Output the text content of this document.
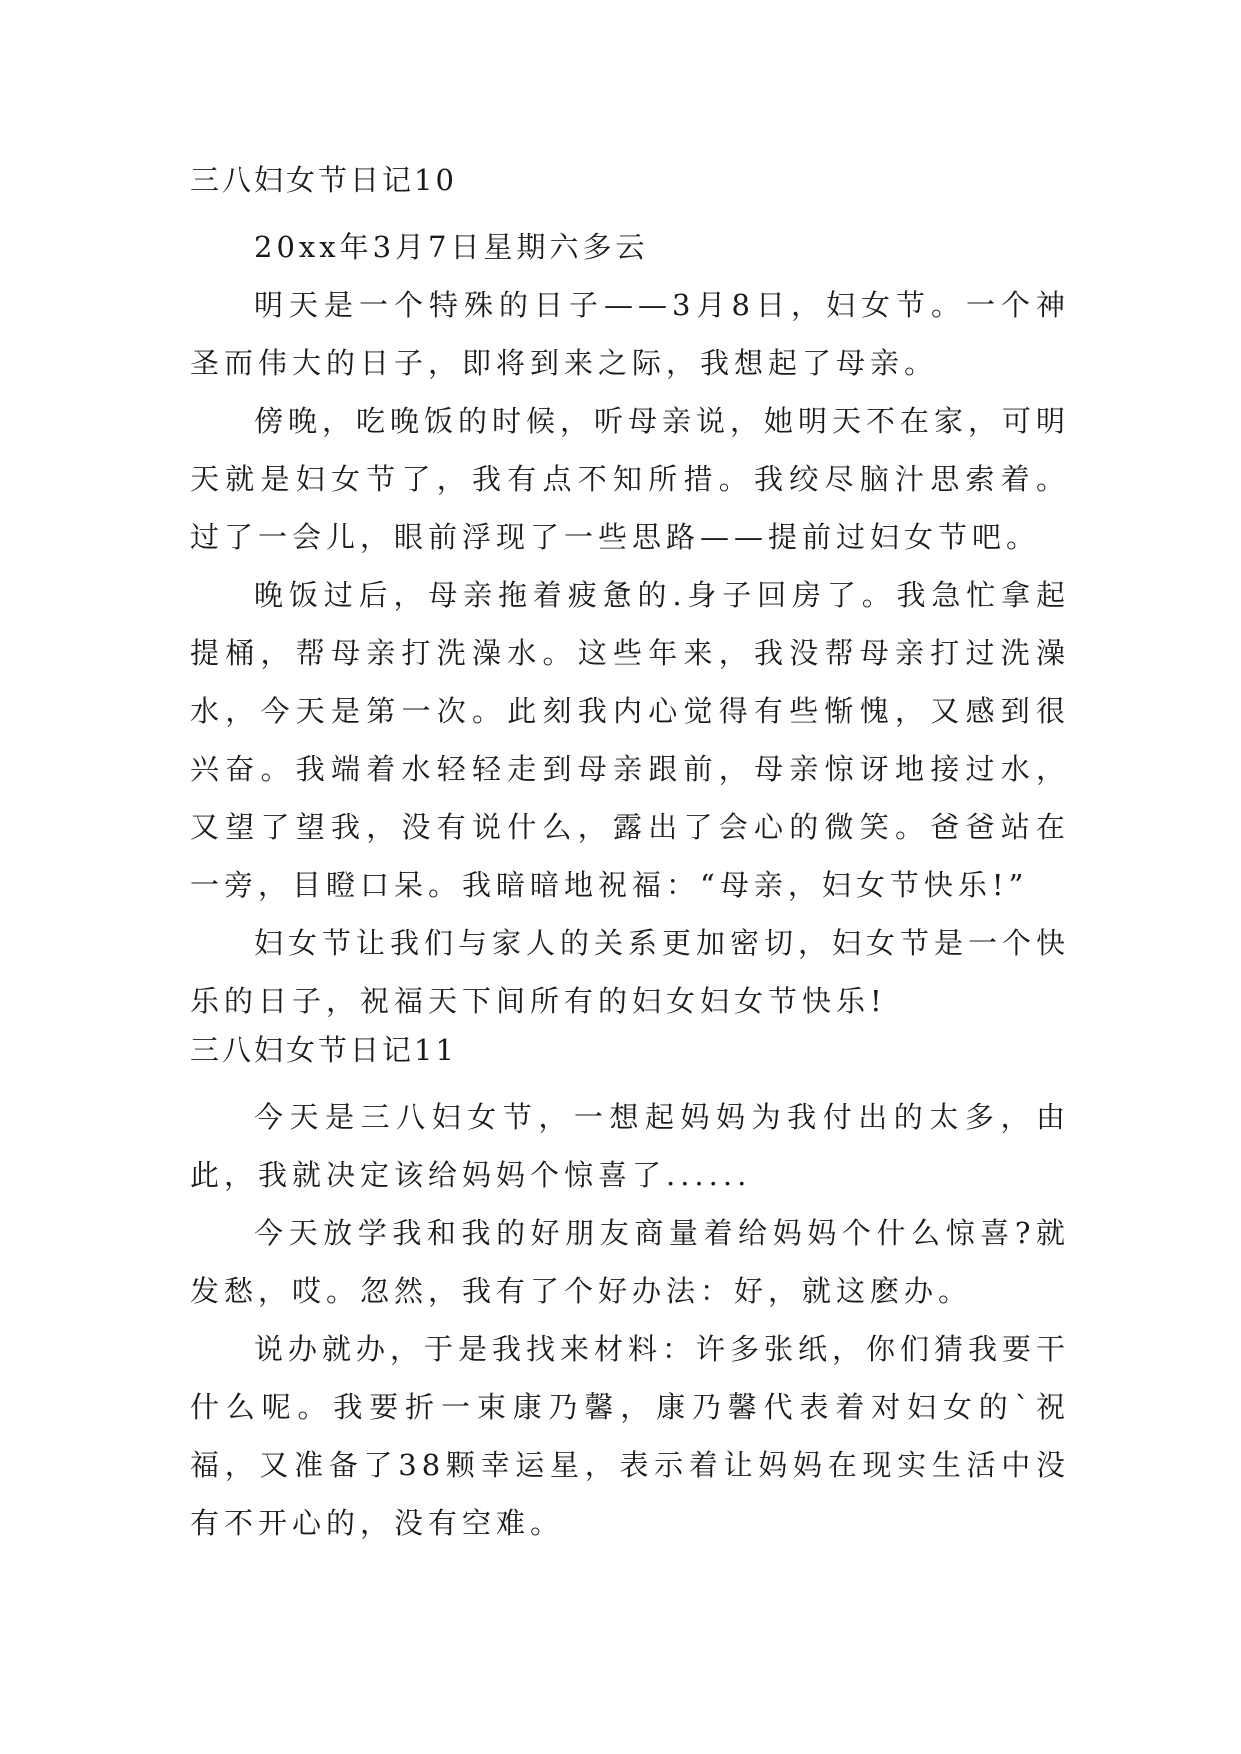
三八妇女节日记10

20xx年3月7日星期六多云

明天是一个特殊的日子——3月8日，妇女节。一个神圣而伟大的日子，即将到来之际，我想起了母亲。

傍晚，吃晚饭的时候，听母亲说，她明天不在家，可明天就是妇女节了，我有点不知所措。我绞尽脑汁思索着。过了一会儿，眼前浮现了一些思路——提前过妇女节吧。

晚饭过后，母亲拖着疲惫的.身子回房了。我急忙拿起提桶，帮母亲打洗澡水。这些年来，我没帮母亲打过洗澡水，今天是第一次。此刻我内心觉得有些惭愧，又感到很兴奋。我端着水轻轻走到母亲跟前，母亲惊讶地接过水，又望了望我，没有说什么，露出了会心的微笑。爸爸站在一旁，目瞪口呆。我暗暗地祝福：“母亲，妇女节快乐!”

妇女节让我们与家人的关系更加密切，妇女节是一个快乐的日子，祝福天下间所有的妇女妇女节快乐!

三八妇女节日记11

今天是三八妇女节，一想起妈妈为我付出的太多，由此，我就决定该给妈妈个惊喜了......

今天放学我和我的好朋友商量着给妈妈个什么惊喜?就发愁，哎。忽然，我有了个好办法：好，就这麽办。

说办就办，于是我找来材料：许多张纸，你们猜我要干什么呢。我要折一束康乃馨，康乃馨代表着对妇女的`祝福，又准备了38颗幸运星，表示着让妈妈在现实生活中没有不开心的，没有空难。
